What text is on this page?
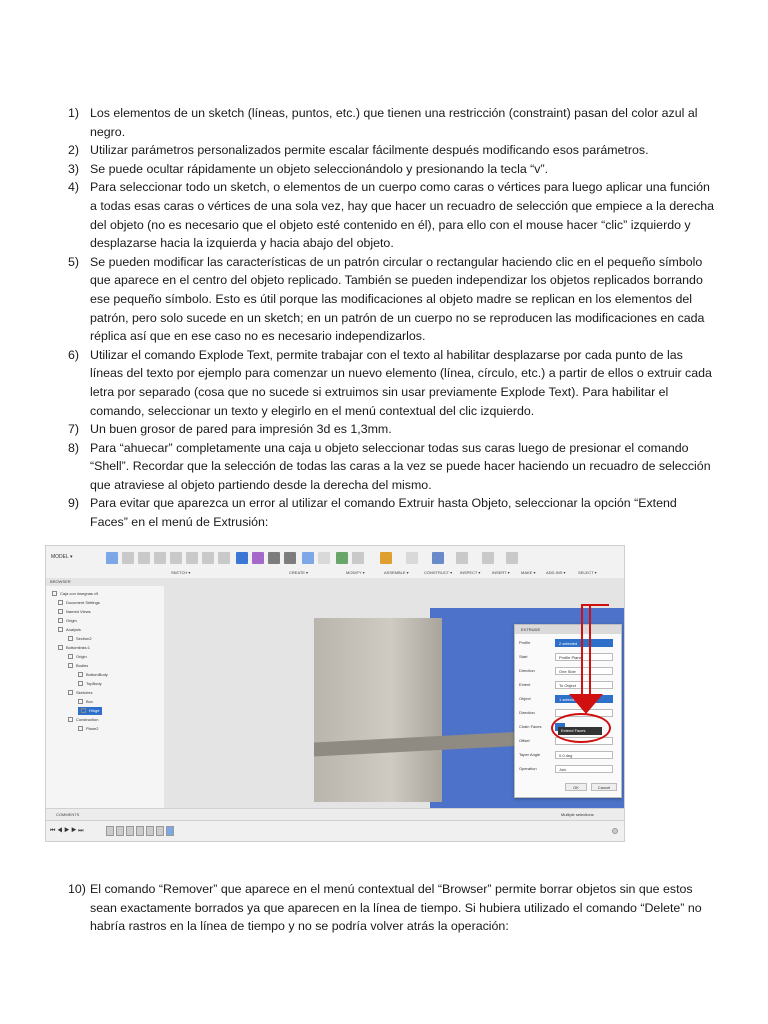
1) Los elementos de un sketch (líneas, puntos, etc.) que tienen una restricción (constraint) pasan del color azul al negro.
2) Utilizar parámetros personalizados permite escalar fácilmente después modificando esos parámetros.
3) Se puede ocultar rápidamente un objeto seleccionándolo y presionando la tecla “v”.
4) Para seleccionar todo un sketch, o elementos de un cuerpo como caras o vértices para luego aplicar una función a todas esas caras o vértices de una sola vez, hay que hacer un recuadro de selección que empiece a la derecha del objeto (no es necesario que el objeto esté contenido en él), para ello con el mouse hacer “clic” izquierdo y desplazarse hacia la izquierda y hacia abajo del objeto.
5) Se pueden modificar las características de un patrón circular o rectangular haciendo clic en el pequeño símbolo que aparece en el centro del objeto replicado. También se pueden independizar los objetos replicados borrando ese pequeño símbolo. Esto es útil porque las modificaciones al objeto madre se replican en los elementos del patrón, pero solo sucede en un sketch; en un patrón de un cuerpo no se reproducen las modificaciones en cada réplica así que en ese caso no es necesario independizarlos.
6) Utilizar el comando Explode Text, permite trabajar con el texto al habilitar desplazarse por cada punto de las líneas del texto por ejemplo para comenzar un nuevo elemento (línea, círculo, etc.) a partir de ellos o extruir cada letra por separado (cosa que no sucede si extruimos sin usar previamente Explode Text). Para habilitar el comando, seleccionar un texto y elegirlo en el menú contextual del clic izquierdo.
7) Un buen grosor de pared para impresión 3d es 1,3mm.
8) Para “ahuecar” completamente una caja u objeto seleccionar todas sus caras luego de presionar el comando “Shell”. Recordar que la selección de todas las caras a la vez se puede hacer haciendo un recuadro de selección que atraviese al objeto partiendo desde la derecha del mismo.
9) Para evitar que aparezca un error al utilizar el comando Extruir hasta Objeto, seleccionar la opción “Extend Faces” en el menú de Extrusión:
MODEL ▾
SKETCH ▾	CREATE ▾	MODIFY ▾	ASSEMBLE ▾	CONSTRUCT ▾ INSPECT ▾	INSERT ▾	MAKE ▾	ADD-INS ▾	SELECT ▾
BROWSER
Caja con insegnas v9
Document Settings
Named Views
Origin
Analysis
Section2
Bottomlinks:1
Origin
Bodies
BottomBody
TopBody
Sketches
Box
Hinge
Construction
Plane2
EXTRUDE
Profile	2 selected
Start	Profile Plane
Direction	One Side
Extent	To Object
Object	1 selected
Direction
Chain Faces
Offset
Taper Angle	0.0 deg
Operation	Join
OK	Cancel
Extend Faces
COMMENTS	Multiple selections
⏮ ◀ ▶ ▶ ⏭
10) El comando “Remover” que aparece en el menú contextual del “Browser” permite borrar objetos sin que estos sean exactamente borrados ya que aparecen en la línea de tiempo. Si hubiera utilizado el comando “Delete” no habría rastros en la línea de tiempo y no se podría volver atrás la operación:
